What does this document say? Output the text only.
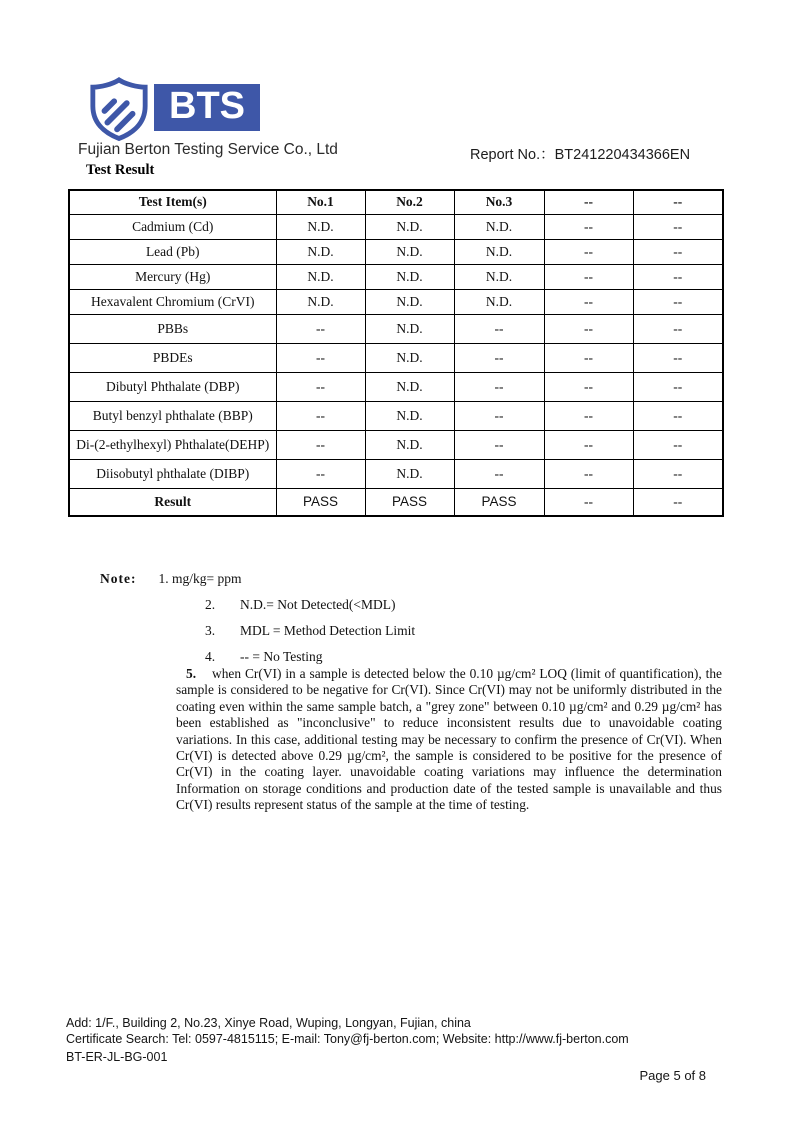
BTS
Fujian Berton Testing Service Co., Ltd	Report No.：BT241220434366EN
Test Result
Test Item(s)	No.1	No.2	No.3	--	--
Cadmium (Cd)	N.D.	N.D.	N.D.	--	--
Lead (Pb)	N.D.	N.D.	N.D.	--	--
Mercury (Hg)	N.D.	N.D.	N.D.	--	--
Hexavalent Chromium (CrVI)	N.D.	N.D.	N.D.	--	--
PBBs	--	N.D.	--	--	--
PBDEs	--	N.D.	--	--	--
Dibutyl Phthalate (DBP)	--	N.D.	--	--	--
Butyl benzyl phthalate (BBP)	--	N.D.	--	--	--
Di-(2-ethylhexyl) Phthalate(DEHP)	--	N.D.	--	--	--
Diisobutyl phthalate (DIBP)	--	N.D.	--	--	--
Result	PASS	PASS	PASS	--	--
Note: 1. mg/kg= ppm
2. N.D.= Not Detected(<MDL)
3. MDL = Method Detection Limit
4. -- = No Testing
5. when Cr(VI) in a sample is detected below the 0.10 µg/cm² LOQ (limit of quantification), the sample is considered to be negative for Cr(VI). Since Cr(VI) may not be uniformly distributed in the coating even within the same sample batch, a "grey zone" between 0.10 µg/cm² and 0.29 µg/cm² has been established as "inconclusive" to reduce inconsistent results due to unavoidable coating variations. In this case, additional testing may be necessary to confirm the presence of Cr(VI). When Cr(VI) is detected above 0.29 µg/cm², the sample is considered to be positive for the presence of Cr(VI) in the coating layer. unavoidable coating variations may influence the determination Information on storage conditions and production date of the tested sample is unavailable and thus Cr(VI) results represent status of the sample at the time of testing.
Add: 1/F., Building 2, No.23, Xinye Road, Wuping, Longyan, Fujian, china
Certificate Search: Tel: 0597-4815115; E-mail: Tony@fj-berton.com; Website: http://www.fj-berton.com
BT-ER-JL-BG-001
Page 5 of 8
